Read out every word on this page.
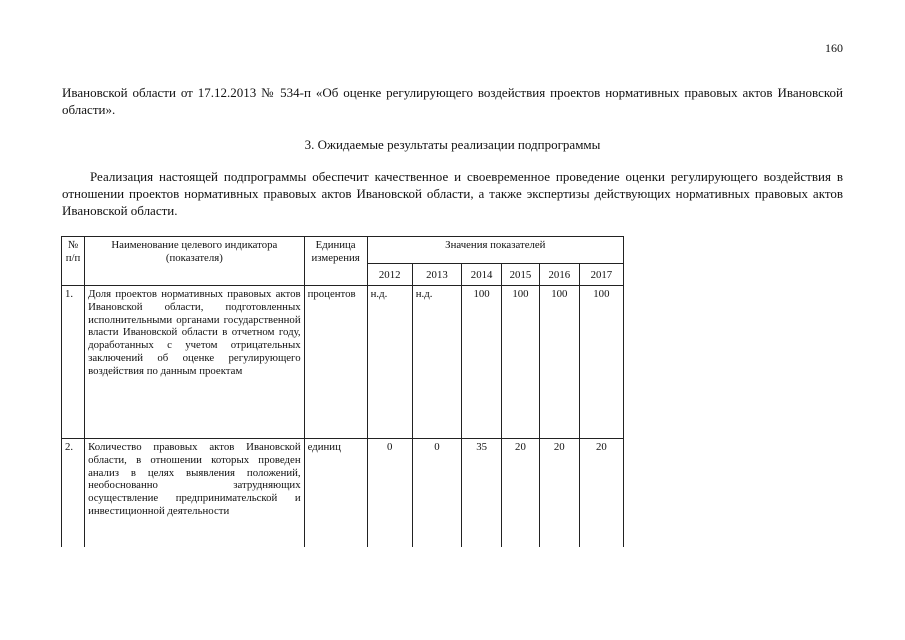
160
Ивановской области от 17.12.2013 № 534-п «Об оценке регулирующего воздействия проектов нормативных правовых актов Ивановской области».
3. Ожидаемые результаты реализации подпрограммы
Реализация настоящей подпрограммы обеспечит качественное и своевременное проведение оценки регулирующего воздействия в отношении проектов нормативных правовых актов Ивановской области, а также экспертизы действующих нормативных правовых актов Ивановской области.
№ п/п	Наименование целевого индикатора (показателя)	Единица измерения	Значения показателей					
			2012	2013	2014	2015	2016	2017
1.	Доля проектов нормативных правовых актов Ивановской области, подготовленных исполнительными органами государственной власти Ивановской области в отчетном году, доработанных с учетом отрицательных заключений об оценке регулирующего воздействия по данным проектам	процентов	н.д.	н.д.	100	100	100	100
2.	Количество правовых актов Ивановской области, в отношении которых проведен анализ в целях выявления положений, необоснованно затрудняющих осуществление предпринимательской и инвестиционной деятельности	единиц	0	0	35	20	20	20
